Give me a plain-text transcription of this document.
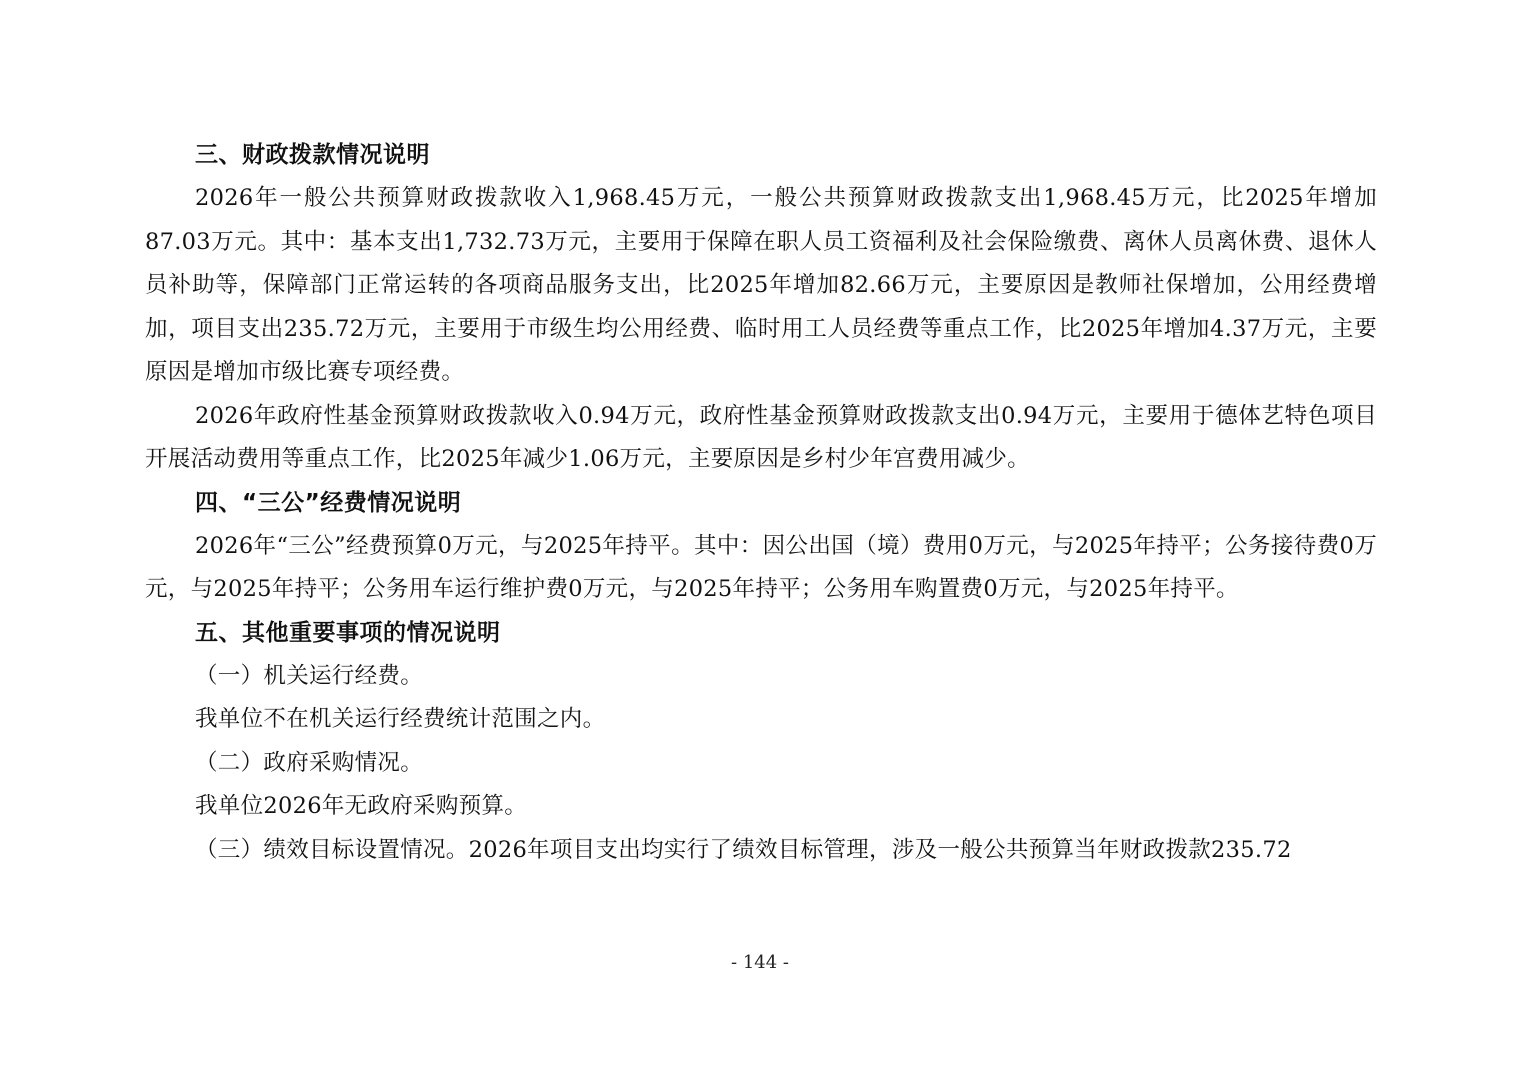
三、财政拨款情况说明

2026年一般公共预算财政拨款收入1,968.45万元，一般公共预算财政拨款支出1,968.45万元，比2025年增加87.03万元。其中：基本支出1,732.73万元，主要用于保障在职人员工资福利及社会保险缴费、离休人员离休费、退休人员补助等，保障部门正常运转的各项商品服务支出，比2025年增加82.66万元，主要原因是教师社保增加，公用经费增加，项目支出235.72万元，主要用于市级生均公用经费、临时用工人员经费等重点工作，比2025年增加4.37万元，主要原因是增加市级比赛专项经费。

2026年政府性基金预算财政拨款收入0.94万元，政府性基金预算财政拨款支出0.94万元，主要用于德体艺特色项目开展活动费用等重点工作，比2025年减少1.06万元，主要原因是乡村少年宫费用减少。

四、“三公”经费情况说明

2026年“三公”经费预算0万元，与2025年持平。其中：因公出国（境）费用0万元，与2025年持平；公务接待费0万元，与2025年持平；公务用车运行维护费0万元，与2025年持平；公务用车购置费0万元，与2025年持平。

五、其他重要事项的情况说明

（一）机关运行经费。

我单位不在机关运行经费统计范围之内。

（二）政府采购情况。

我单位2026年无政府采购预算。

（三）绩效目标设置情况。2026年项目支出均实行了绩效目标管理，涉及一般公共预算当年财政拨款235.72

- 144 -
